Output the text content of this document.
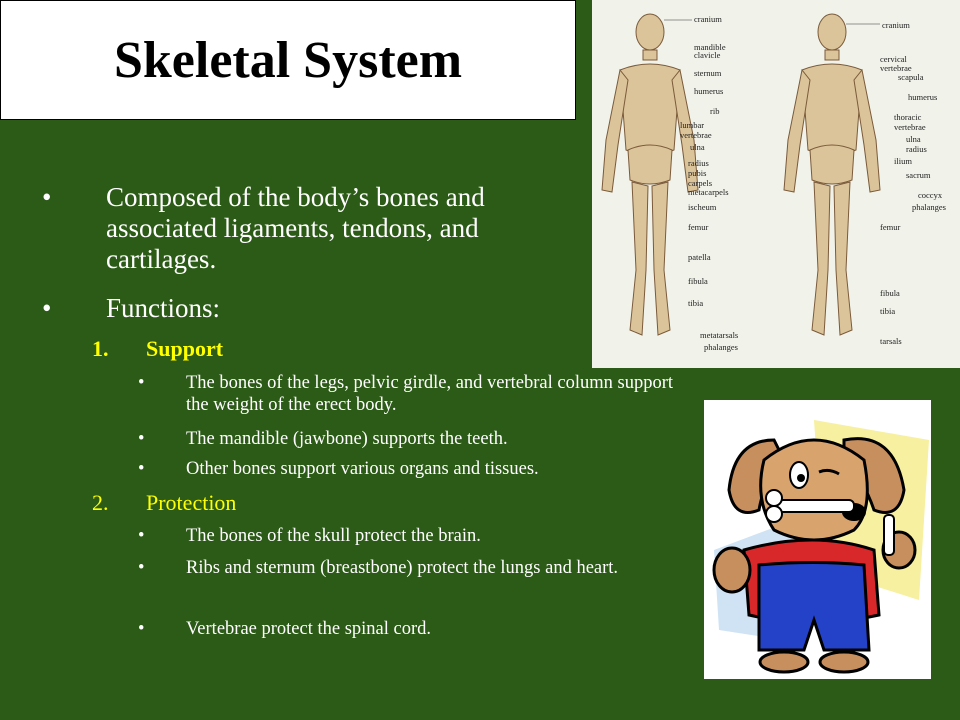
Skeletal System
• Composed of the body’s bones and associated ligaments, tendons, and cartilages.
• Functions:
1. Support
• The bones of the legs, pelvic girdle, and vertebral column support the weight of the erect body.
• The mandible (jawbone) supports the teeth.
• Other bones support various organs and tissues.
2. Protection
• The bones of the skull protect the brain.
• Ribs and sternum (breastbone) protect the lungs and heart.
• Vertebrae protect the spinal cord.
cranium
mandible
clavicle
sternum
humerus
rib
lumbar
vertebrae
ulna
radius
pubis
carpels
metacarpels
ischeum
femur
patella
fibula
tibia
metatarsals
phalanges
cranium
cervical
vertebrae
scapula
humerus
thoracic
vertebrae
ulna
radius
ilium
sacrum
coccyx
phalanges
femur
fibula
tibia
tarsals
